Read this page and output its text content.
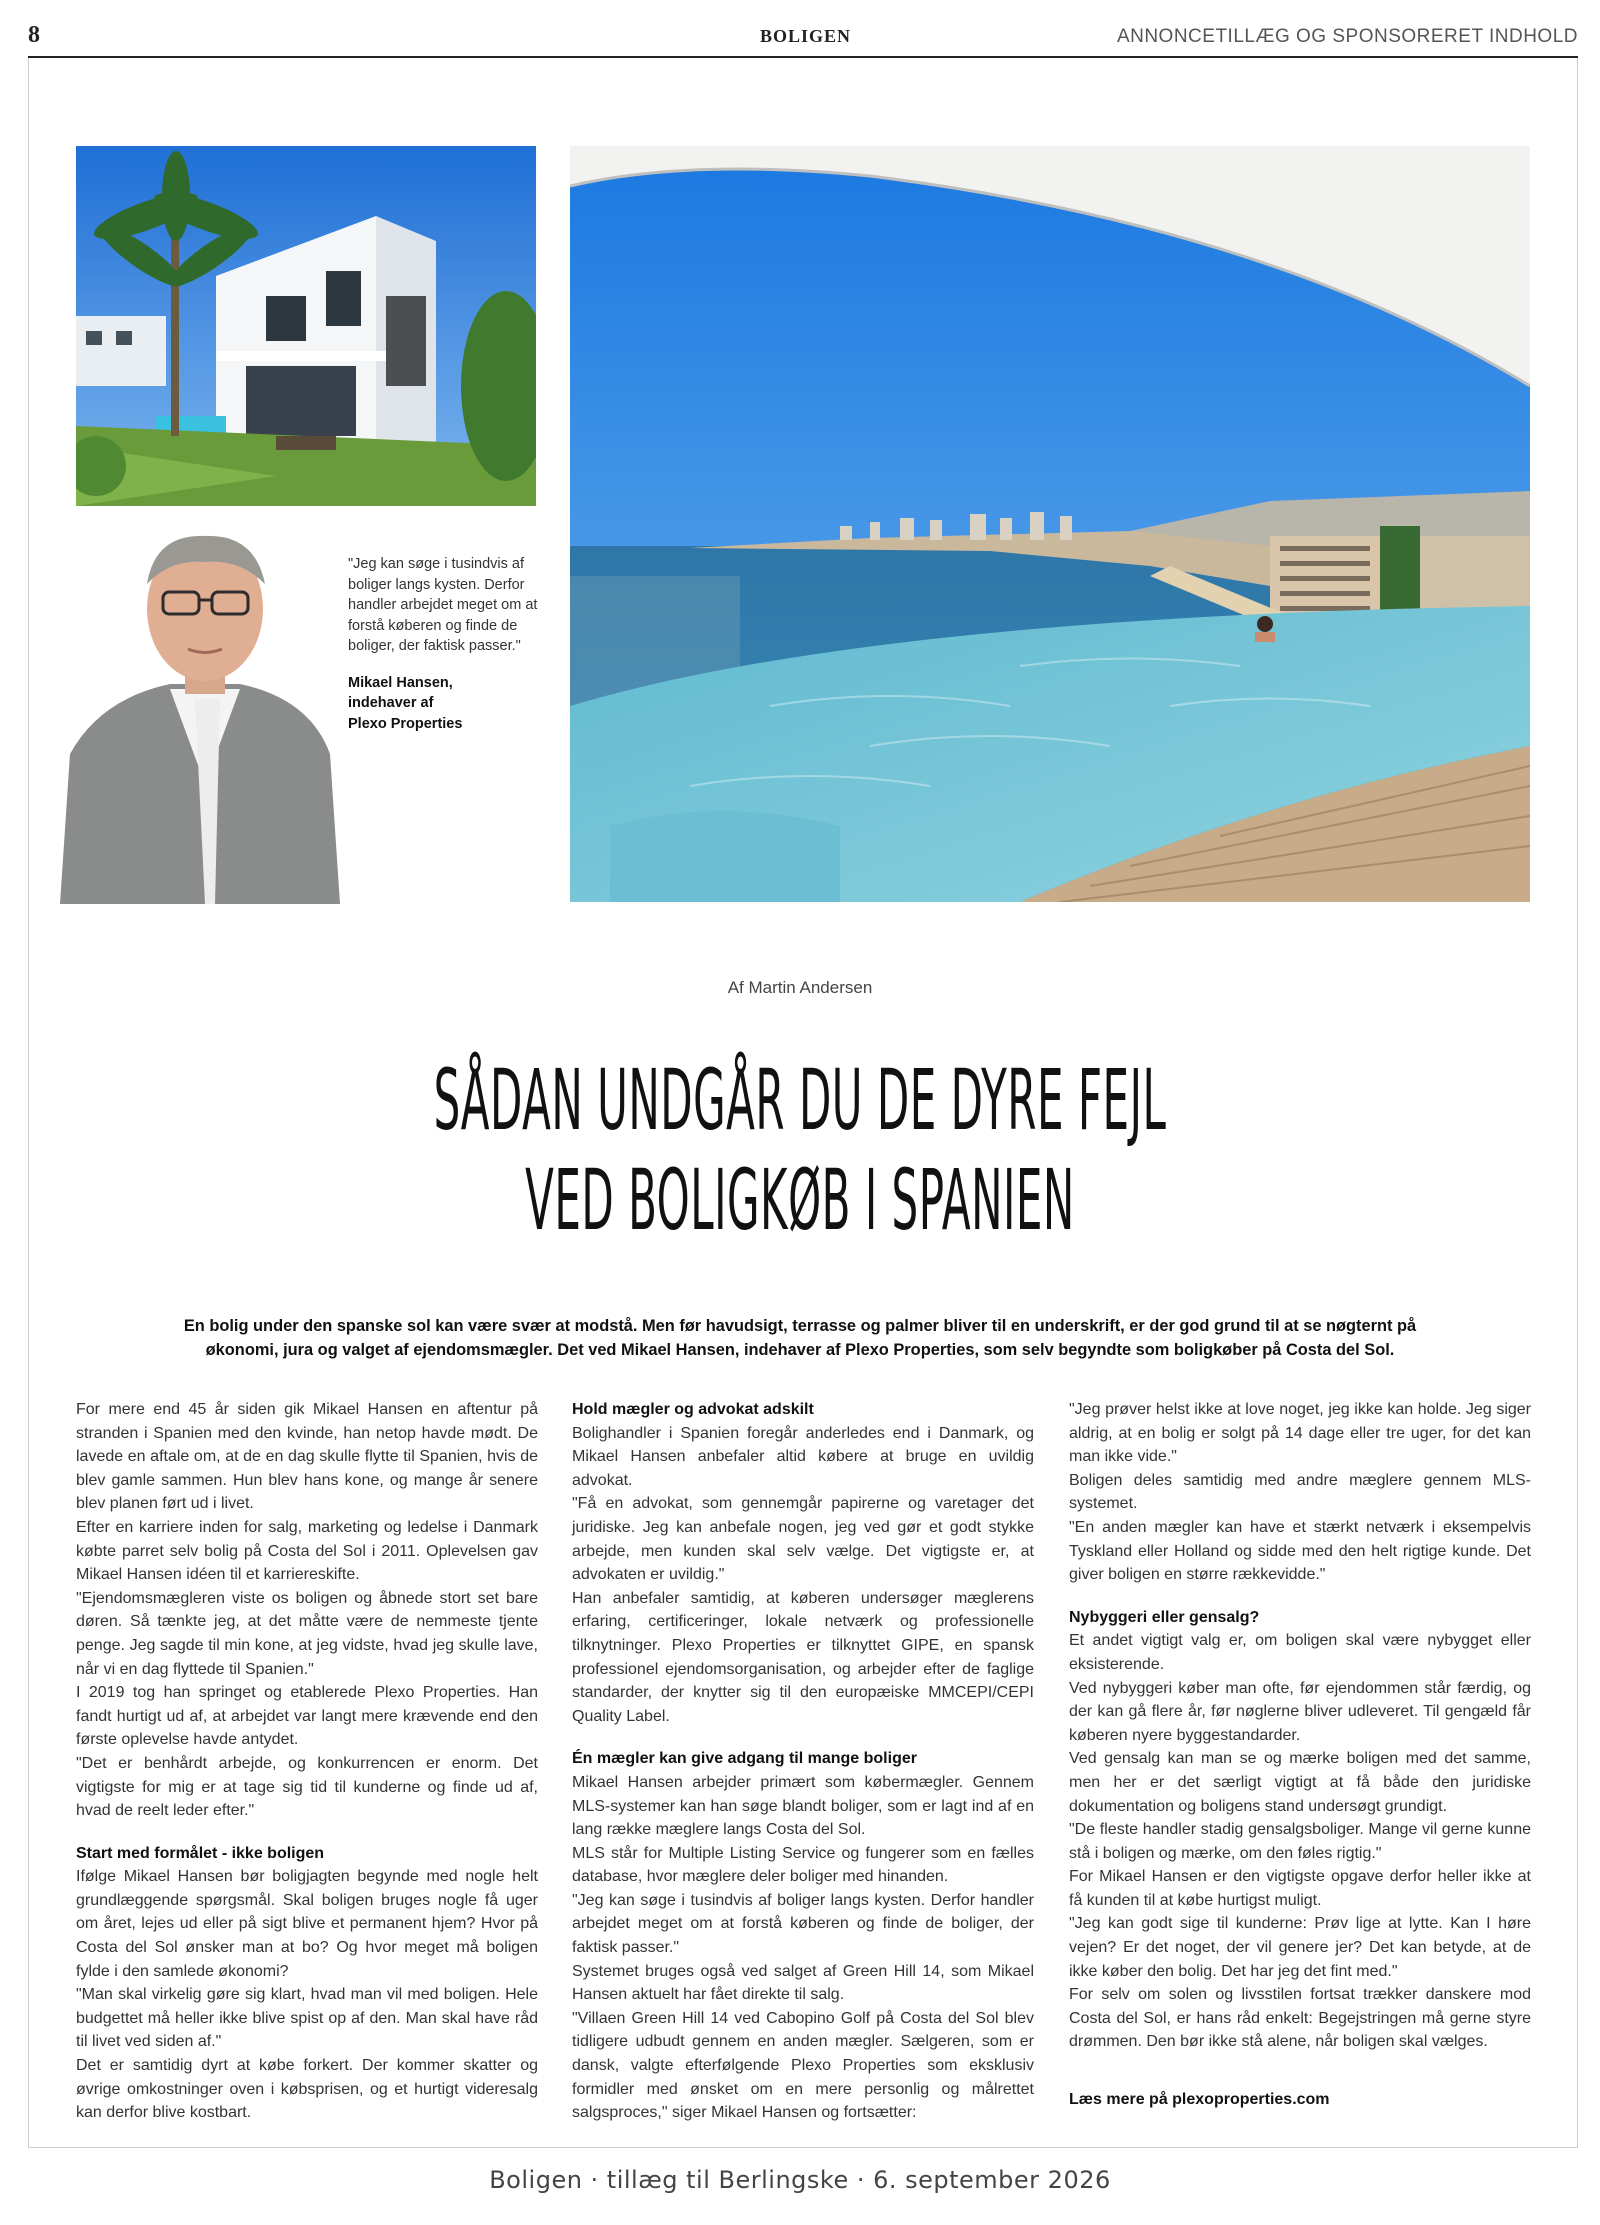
8	BOLIGEN	ANNONCETILLÆG OG SPONSORERET INDHOLD
"Jeg kan søge i tusindvis af boliger langs kysten. Derfor handler arbejdet meget om at forstå køberen og finde de boliger, der faktisk passer."
Mikael Hansen,
indehaver af
Plexo Properties
Af Martin Andersen
SÅDAN UNDGÅR DU DE DYRE FEJL
VED BOLIGKØB I SPANIEN
En bolig under den spanske sol kan være svær at modstå. Men før havudsigt, terrasse og palmer bliver til en underskrift, er der god grund til at se nøgternt på økonomi, jura og valget af ejendomsmægler. Det ved Mikael Hansen, indehaver af Plexo Properties, som selv begyndte som boligkøber på Costa del Sol.

For mere end 45 år siden gik Mikael Hansen en aftentur på stranden i Spanien med den kvinde, han netop havde mødt. De lavede en aftale om, at de en dag skulle flytte til Spanien, hvis de blev gamle sammen. Hun blev hans kone, og mange år senere blev planen ført ud i livet.

Efter en karriere inden for salg, marketing og ledelse i Danmark købte parret selv bolig på Costa del Sol i 2011. Oplevelsen gav Mikael Hansen idéen til et karriereskifte.

"Ejendomsmægleren viste os boligen og åbnede stort set bare døren. Så tænkte jeg, at det måtte være de nemmeste tjente penge. Jeg sagde til min kone, at jeg vidste, hvad jeg skulle lave, når vi en dag flyttede til Spanien."

I 2019 tog han springet og etablerede Plexo Properties. Han fandt hurtigt ud af, at arbejdet var langt mere krævende end den første oplevelse havde antydet.

"Det er benhårdt arbejde, og konkurrencen er enorm. Det vigtigste for mig er at tage sig tid til kunderne og finde ud af, hvad de reelt leder efter."

Start med formålet - ikke boligen

Ifølge Mikael Hansen bør boligjagten begynde med nogle helt grundlæggende spørgsmål. Skal boligen bruges nogle få uger om året, lejes ud eller på sigt blive et permanent hjem? Hvor på Costa del Sol ønsker man at bo? Og hvor meget må boligen fylde i den samlede økonomi?

"Man skal virkelig gøre sig klart, hvad man vil med boligen. Hele budgettet må heller ikke blive spist op af den. Man skal have råd til livet ved siden af."

Det er samtidig dyrt at købe forkert. Der kommer skatter og øvrige omkostninger oven i købsprisen, og et hurtigt videresalg kan derfor blive kostbart.

Hold mægler og advokat adskilt

Bolighandler i Spanien foregår anderledes end i Danmark, og Mikael Hansen anbefaler altid købere at bruge en uvildig advokat.

"Få en advokat, som gennemgår papirerne og varetager det juridiske. Jeg kan anbefale nogen, jeg ved gør et godt stykke arbejde, men kunden skal selv vælge. Det vigtigste er, at advokaten er uvildig."

Han anbefaler samtidig, at køberen undersøger mæglerens erfaring, certificeringer, lokale netværk og professionelle tilknytninger. Plexo Properties er tilknyttet GIPE, en spansk professionel ejendomsorganisation, og arbejder efter de faglige standarder, der knytter sig til den europæiske MMCEPI/CEPI Quality Label.

Én mægler kan give adgang til mange boliger

Mikael Hansen arbejder primært som købermægler. Gennem MLS-systemer kan han søge blandt boliger, som er lagt ind af en lang række mæglere langs Costa del Sol.

MLS står for Multiple Listing Service og fungerer som en fælles database, hvor mæglere deler boliger med hinanden.

"Jeg kan søge i tusindvis af boliger langs kysten. Derfor handler arbejdet meget om at forstå køberen og finde de boliger, der faktisk passer."

Systemet bruges også ved salget af Green Hill 14, som Mikael Hansen aktuelt har fået direkte til salg.

"Villaen Green Hill 14 ved Cabopino Golf på Costa del Sol blev tidligere udbudt gennem en anden mægler. Sælgeren, som er dansk, valgte efterfølgende Plexo Properties som eksklusiv formidler med ønsket om en mere personlig og målrettet salgsproces," siger Mikael Hansen og fortsætter:

"Jeg prøver helst ikke at love noget, jeg ikke kan holde. Jeg siger aldrig, at en bolig er solgt på 14 dage eller tre uger, for det kan man ikke vide."

Boligen deles samtidig med andre mæglere gennem MLS-systemet.

"En anden mægler kan have et stærkt netværk i eksempelvis Tyskland eller Holland og sidde med den helt rigtige kunde. Det giver boligen en større rækkevidde."

Nybyggeri eller gensalg?

Et andet vigtigt valg er, om boligen skal være nybygget eller eksisterende.

Ved nybyggeri køber man ofte, før ejendommen står færdig, og der kan gå flere år, før nøglerne bliver udleveret. Til gengæld får køberen nyere byggestandarder.

Ved gensalg kan man se og mærke boligen med det samme, men her er det særligt vigtigt at få både den juridiske dokumentation og boligens stand undersøgt grundigt.

"De fleste handler stadig gensalgsboliger. Mange vil gerne kunne stå i boligen og mærke, om den føles rigtig."

For Mikael Hansen er den vigtigste opgave derfor heller ikke at få kunden til at købe hurtigst muligt.

"Jeg kan godt sige til kunderne: Prøv lige at lytte. Kan I høre vejen? Er det noget, der vil genere jer? Det kan betyde, at de ikke køber den bolig. Det har jeg det fint med."

For selv om solen og livsstilen fortsat trækker danskere mod Costa del Sol, er hans råd enkelt: Begejstringen må gerne styre drømmen. Den bør ikke stå alene, når boligen skal vælges.

Læs mere på plexoproperties.com

Boligen · tillæg til Berlingske · 6. september 2026
